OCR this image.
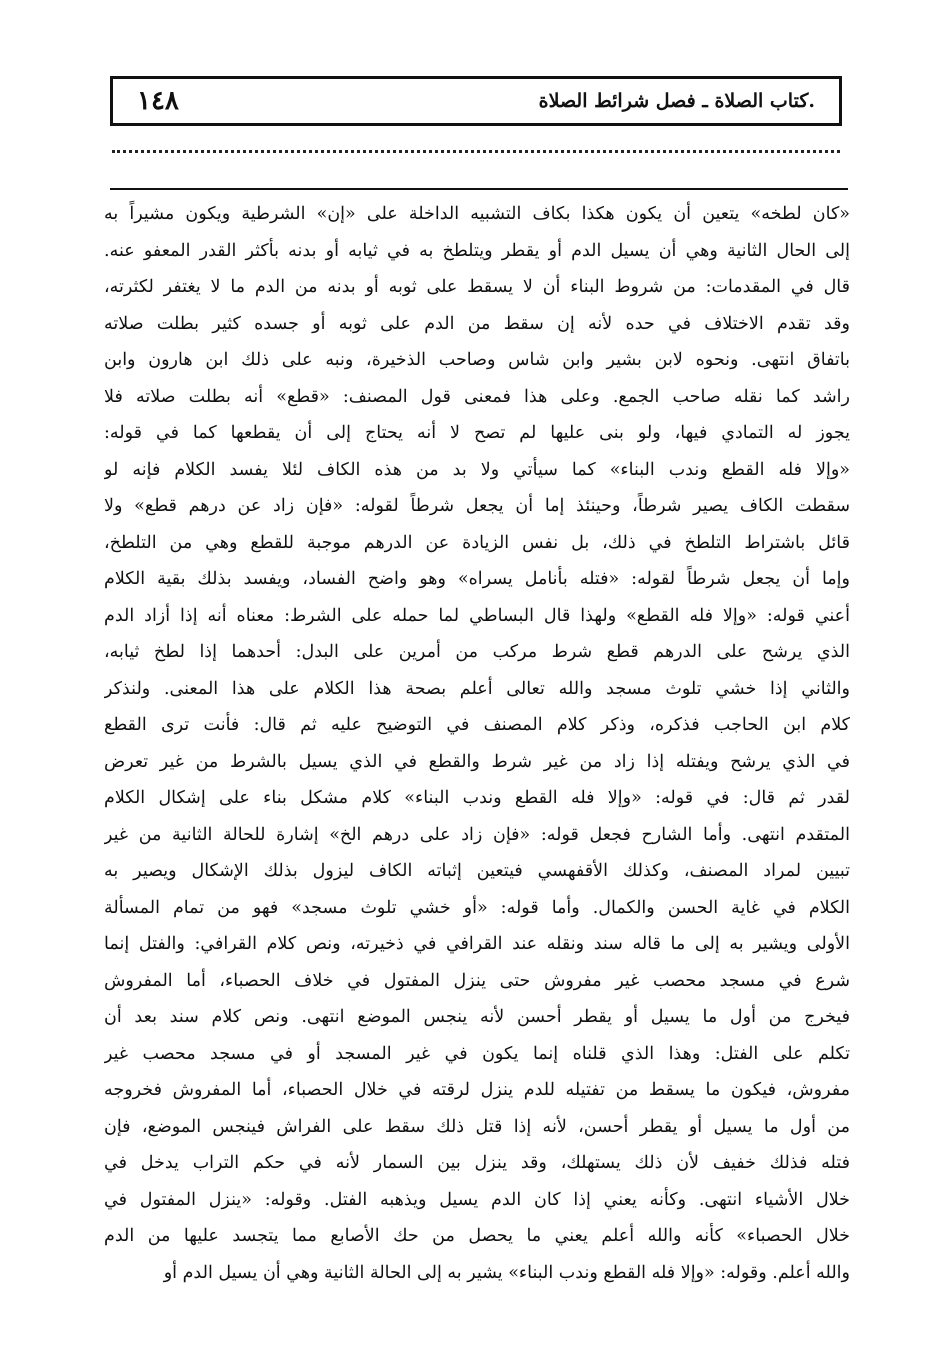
.كتاب الصلاة ـ فصل شرائط الصلاة
١٤٨
«كان لطخه» يتعين أن يكون هكذا بكاف التشبيه الداخلة على «إن» الشرطية ويكون مشيراً به
إلى الحال الثانية وهي أن يسيل الدم أو يقطر ويتلطخ به في ثيابه أو بدنه بأكثر القدر المعفو عنه.
قال في المقدمات: من شروط البناء أن لا يسقط على ثوبه أو بدنه من الدم ما لا يغتفر لكثرته،
وقد تقدم الاختلاف في حده لأنه إن سقط من الدم على ثوبه أو جسده كثير بطلت صلاته
باتفاق انتهى. ونحوه لابن بشير وابن شاس وصاحب الذخيرة، ونبه على ذلك ابن هارون وابن
راشد كما نقله صاحب الجمع. وعلى هذا فمعنى قول المصنف: «قطع» أنه بطلت صلاته فلا
يجوز له التمادي فيها، ولو بنى عليها لم تصح لا أنه يحتاج إلى أن يقطعها كما في قوله:
«وإلا فله القطع وندب البناء» كما سيأتي ولا بد من هذه الكاف لئلا يفسد الكلام فإنه لو
سقطت الكاف يصير شرطاً، وحينئذ إما أن يجعل شرطاً لقوله: «فإن زاد عن درهم قطع» ولا
قائل باشتراط التلطخ في ذلك، بل نفس الزيادة عن الدرهم موجبة للقطع وهي من التلطخ،
وإما أن يجعل شرطاً لقوله: «فتله بأنامل يسراه» وهو واضح الفساد، ويفسد بذلك بقية الكلام
أعني قوله: «وإلا فله القطع» ولهذا قال البساطي لما حمله على الشرط: معناه أنه إذا أزاد الدم
الذي يرشح على الدرهم قطع شرط مركب من أمرين على البدل: أحدهما إذا لطخ ثيابه،
والثاني إذا خشي تلوث مسجد والله تعالى أعلم بصحة هذا الكلام على هذا المعنى. ولنذكر
كلام ابن الحاجب فذكره، وذكر كلام المصنف في التوضيح عليه ثم قال: فأنت ترى القطع
في الذي يرشح ويفتله إذا زاد من غير شرط والقطع في الذي يسيل بالشرط من غير تعرض
لقدر ثم قال: في قوله: «وإلا فله القطع وندب البناء» كلام مشكل بناء على إشكال الكلام
المتقدم انتهى. وأما الشارح فجعل قوله: «فإن زاد على درهم الخ» إشارة للحالة الثانية من غير
تبيين لمراد المصنف، وكذلك الأقفهسي فيتعين إثباته الكاف ليزول بذلك الإشكال ويصير به
الكلام في غاية الحسن والكمال. وأما قوله: «أو خشي تلوث مسجد» فهو من تمام المسألة
الأولى ويشير به إلى ما قاله سند ونقله عند القرافي في ذخيرته، ونص كلام القرافي: والفتل إنما
شرع في مسجد محصب غير مفروش حتى ينزل المفتول في خلاف الحصباء، أما المفروش
فيخرج من أول ما يسيل أو يقطر أحسن لأنه ينجس الموضع انتهى. ونص كلام سند بعد أن
تكلم على الفتل: وهذا الذي قلناه إنما يكون في غير المسجد أو في مسجد محصب غير
مفروش، فيكون ما يسقط من تفتيله للدم ينزل لرقته في خلال الحصباء، أما المفروش فخروجه
من أول ما يسيل أو يقطر أحسن، لأنه إذا قتل ذلك سقط على الفراش فينجس الموضع، فإن
فتله فذلك خفيف لأن ذلك يستهلك، وقد ينزل بين السمار لأنه في حكم التراب يدخل في
خلال الأشياء انتهى. وكأنه يعني إذا كان الدم يسيل ويذهبه الفتل. وقوله: «ينزل المفتول في
خلال الحصباء» كأنه والله أعلم يعني ما يحصل من حك الأصابع مما يتجسد عليها من الدم
والله أعلم. وقوله: «وإلا فله القطع وندب البناء» يشير به إلى الحالة الثانية وهي أن يسيل الدم أو
